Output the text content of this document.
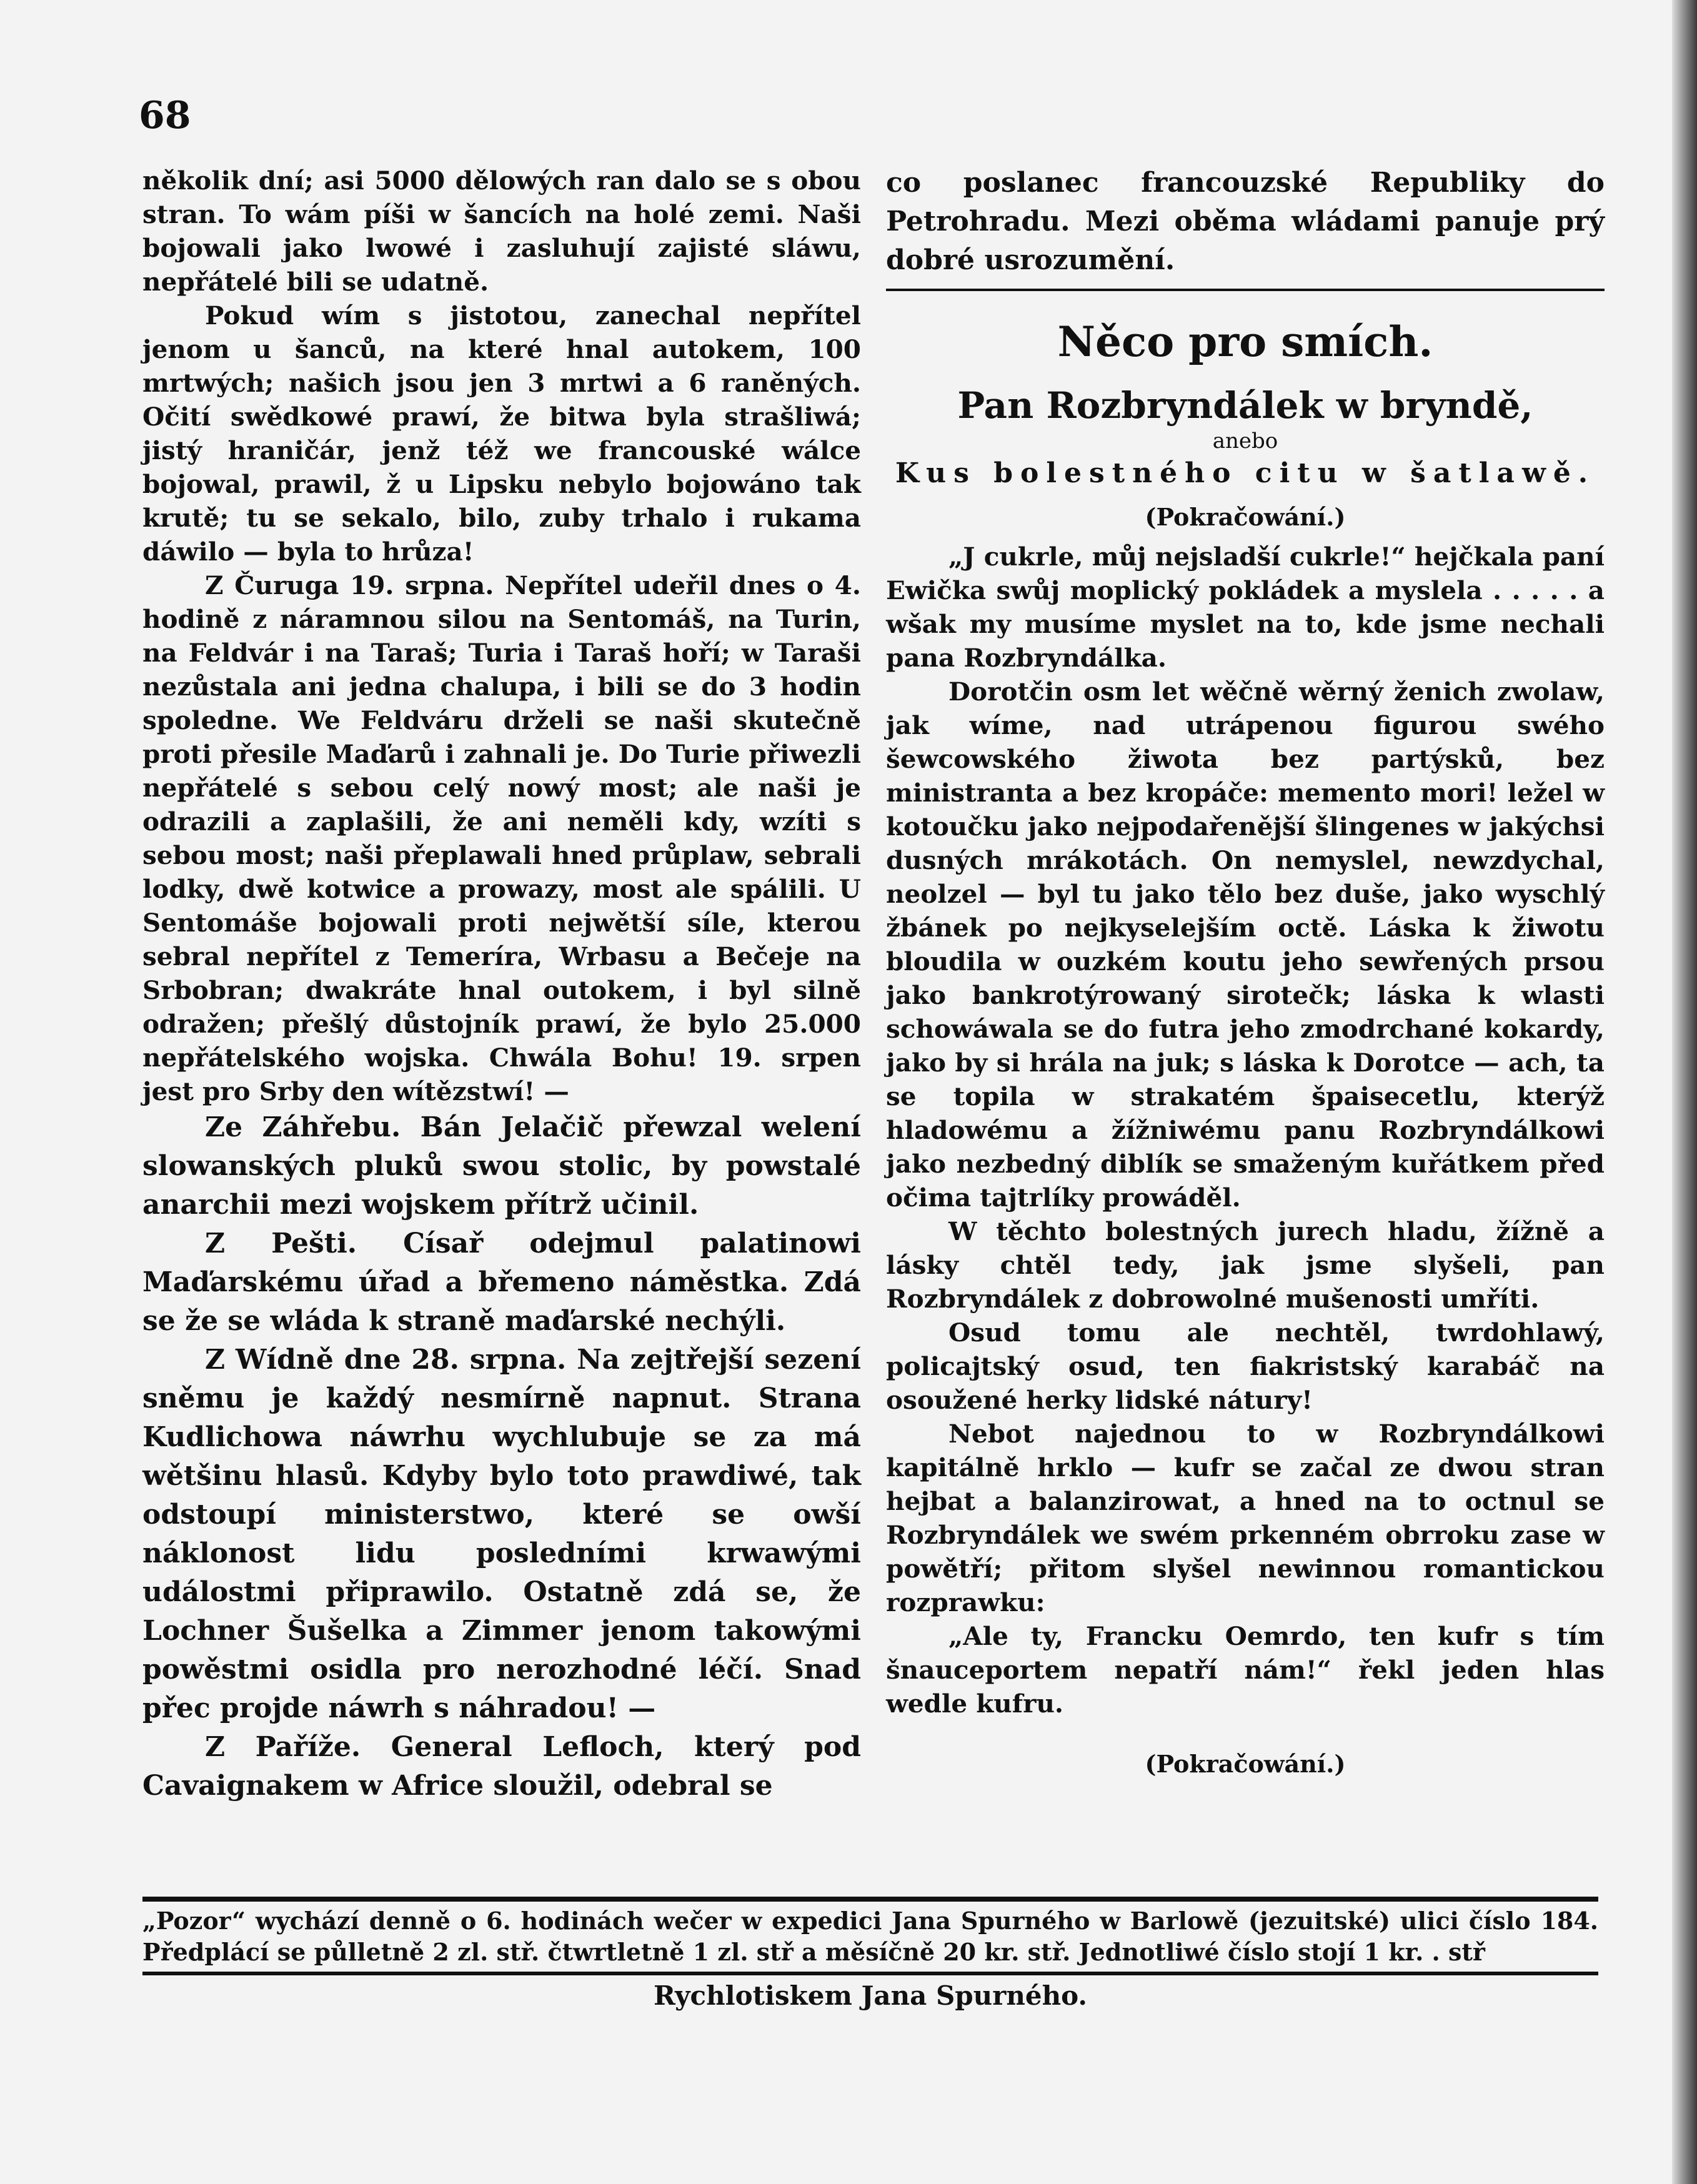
68

několik dní; asi 5000 dělowých ran dalo se s obou stran. To wám píši w šancích na holé zemi. Naši bojowali jako lwowé i zasluhují zajisté sláwu, nepřátelé bili se udatně.

Pokud wím s jistotou, zanechal nepřítel jenom u šanců, na které hnal autokem, 100 mrtwých; našich jsou jen 3 mrtwi a 6 raněných. Očití swědkowé prawí, že bitwa byla strašliwá; jistý hraničár, jenž též we francouské wálce bojowal, prawil, ž u Lipsku nebylo bojowáno tak krutě; tu se sekalo, bilo, zuby trhalo i rukama dáwilo — byla to hrůza!

Z Čurugа 19. srpna. Nepřítel udeřil dnes o 4. hodině z náramnou silou na Sentomáš, na Turin, na Feldvár i na Taraš; Turia i Taraš hoří; w Taraši nezůstala ani jedna chalupa, i bili se do 3 hodin spoledne. We Feldváru drželi se naši skutečně proti přesile Maďarů i zahnali je. Do Turie přiwezli nepřátelé s sebou celý nowý most; ale naši je odrazili a zaplašili, že ani neměli kdy, wzíti s sebou most; naši přeplawali hned průplaw, sebrali lodky, dwě kotwice a prowazy, most ale spálili. U Sentomáše bojowali proti nejwětší síle, kterou sebral nepřítel z Temeríra, Wrbasu a Bečeje na Srbobran; dwakráte hnal outokem, i byl silně odražen; přešlý důstojník prawí, že bylo 25.000 nepřátelského wojska. Chwála Bohu! 19. srpen jest pro Srby den wítězstwí! —

Ze Záhřebu. Bán Jelačič přewzal welení slowanských pluků swou stolic, by powstalé anarchii mezi wojskem přítrž učinil.

Z Pešti. Císař odejmul palatinowi Maďarskému úřad a břemeno náměstka. Zdá se že se wláda k straně maďarské nechýli.

Z Wídně dne 28. srpna. Na zejtřejší sezení sněmu je každý nesmírně napnut. Strana Kudlichowa náwrhu wychlubuje se za má wětšinu hlasů. Kdyby bylo toto prawdiwé, tak odstoupí ministerstwo, které se owší náklonost lidu posledními krwawými událostmi připrawilo. Ostatně zdá se, že Lochner Šušelka a Zimmer jenom takowými powěstmi osidla pro nerozhodné léčí. Snad přec projde náwrh s náhradou! —

Z Paříže. General Lefloch, který pod Cavaignakem w Africe sloužil, odebral se

co poslanec francouzské Republiky do Petrohradu. Mezi oběma wládami panuje prý dobré usrozumění.

Něco pro smích.
Pan Rozbryndálek w bryndě,
anebo
Kus bolestného citu w šatlawě.
(Pokračowání.)

„J cukrle, můj nejsladší cukrle!“ hejčkala paní Ewička swůj moplický pokládek a myslela . . . . . a wšak my musíme myslet na to, kde jsme nechali pana Rozbryndálka.

Dorotčin osm let wěčně wěrný ženich zwolaw, jak wíme, nad utrápenou figurou swého šewcowského žiwota bez partýsků, bez ministranta a bez kropáče: memento mori! ležel w kotoučku jako nejpodařenější šlingenes w jakýchsi dusných mrákotách. On nemyslel, newzdychal, neolzel — byl tu jako tělo bez duše, jako wyschlý žbánek po nejkyselejším octě. Láska k žiwotu bloudila w ouzkém koutu jeho sewřených prsou jako bankrotýrowaný sirotečk; láska k wlasti schowáwala se do futra jeho zmodrchané kokardy, jako by si hrála na juk; s láska k Dorotce — ach, ta se topila w strakatém špaisecetlu, kterýž hladowému a žížniwému panu Rozbryndálkowi jako nezbedný diblík se smaženým kuřátkem před očima tajtrlíky prowáděl.

W těchto bolestných jurech hladu, žížně a lásky chtěl tedy, jak jsme slyšeli, pan Rozbryndálek z dobrowolné mušenosti umříti.

Osud tomu ale nechtěl, twrdohlawý, policajtský osud, ten fiakristský karabáč na osoužené herky lidské nátury!

Nebot najednou to w Rozbryndálkowi kapitálně hrklo — kufr se začal ze dwou stran hejbat a balanzirowat, a hned na to octnul se Rozbryndálek we swém prkenném obrroku zase w powětří; přitom slyšel newinnou romantickou rozprawku:

„Ale ty, Francku Oemrdo, ten kufr s tím šnauceportem nepatří nám!“ řekl jeden hlas wedle kufru.

(Pokračowání.)
„Pozor“ wychází denně o 6. hodinách wečer w expedici Jana Spurného w Barlowě (jezuitské) ulici číslo 184. Předplácí se půlletně 2 zl. stř. čtwrtletně 1 zl. stř a měsíčně 20 kr. stř. Jednotliwé číslo stojí 1 kr. . stř
Rychlotiskem Jana Spurného.
